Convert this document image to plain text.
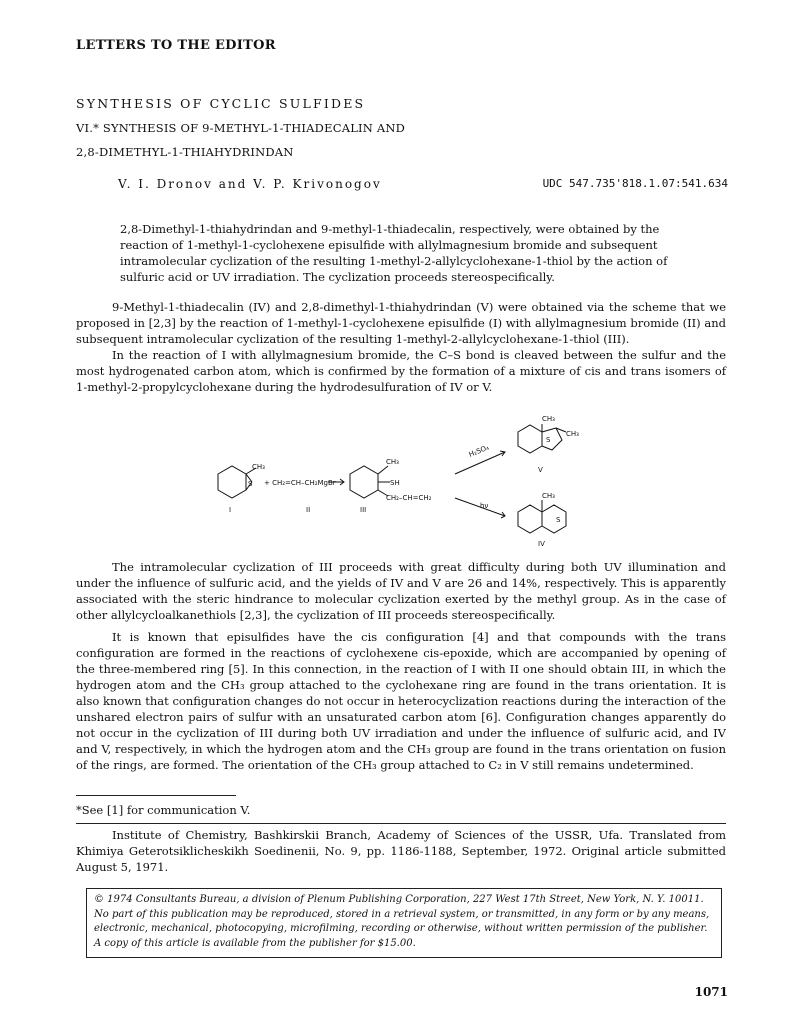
LETTERS TO THE EDITOR
SYNTHESIS OF CYCLIC SULFIDES
VI.* SYNTHESIS OF 9-METHYL-1-THIADECALIN AND
2,8-DIMETHYL-1-THIAHYDRINDAN
V. I. Dronov and V. P. Krivonogov	UDC 547.735'818.1.07:541.634
2,8-Dimethyl-1-thiahydrindan and 9-methyl-1-thiadecalin, respectively, were obtained by the reaction of 1-methyl-1-cyclohexene episulfide with allylmagnesium bromide and subsequent intramolecular cyclization of the resulting 1-methyl-2-allylcyclohexane-1-thiol by the action of sulfuric acid or UV irradiation. The cyclization proceeds stereospecifically.
9-Methyl-1-thiadecalin (IV) and 2,8-dimethyl-1-thiahydrindan (V) were obtained via the scheme that we proposed in [2,3] by the reaction of 1-methyl-1-cyclohexene episulfide (I) with allylmagnesium bromide (II) and subsequent intramolecular cyclization of the resulting 1-methyl-2-allylcyclohexane-1-thiol (III).
In the reaction of I with allylmagnesium bromide, the C–S bond is cleaved between the sulfur and the most hydrogenated carbon atom, which is confirmed by the formation of a mixture of cis and trans isomers of 1-methyl-2-propylcyclohexane during the hydrodesulfuration of IV or V.
CH₃
S + CH₂=CH–CH₂MgBr
CH₃
SH
CH₂–CH=CH₂
H₂SO₄
hν
CH₃
CH₃
S
CH₃
S
I	II	III
V
IV
The intramolecular cyclization of III proceeds with great difficulty during both UV illumination and under the influence of sulfuric acid, and the yields of IV and V are 26 and 14%, respectively. This is apparently associated with the steric hindrance to molecular cyclization exerted by the methyl group. As in the case of other allylcycloalkanethiols [2,3], the cyclization of III proceeds stereospecifically.
It is known that episulfides have the cis configuration [4] and that compounds with the trans configuration are formed in the reactions of cyclohexene cis-epoxide, which are accompanied by opening of the three-membered ring [5]. In this connection, in the reaction of I with II one should obtain III, in which the hydrogen atom and the CH₃ group attached to the cyclohexane ring are found in the trans orientation. It is also known that configuration changes do not occur in heterocyclization reactions during the interaction of the unshared electron pairs of sulfur with an unsaturated carbon atom [6]. Configuration changes apparently do not occur in the cyclization of III during both UV irradiation and under the influence of sulfuric acid, and IV and V, respectively, in which the hydrogen atom and the CH₃ group are found in the trans orientation on fusion of the rings, are formed. The orientation of the CH₃ group attached to C₂ in V still remains undetermined.
*See [1] for communication V.
Institute of Chemistry, Bashkirskii Branch, Academy of Sciences of the USSR, Ufa. Translated from Khimiya Geterotsiklicheskikh Soedinenii, No. 9, pp. 1186-1188, September, 1972. Original article submitted August 5, 1971.
© 1974 Consultants Bureau, a division of Plenum Publishing Corporation, 227 West 17th Street, New York, N. Y. 10011. No part of this publication may be reproduced, stored in a retrieval system, or transmitted, in any form or by any means, electronic, mechanical, photocopying, microfilming, recording or otherwise, without written permission of the publisher. A copy of this article is available from the publisher for $15.00.
1071
